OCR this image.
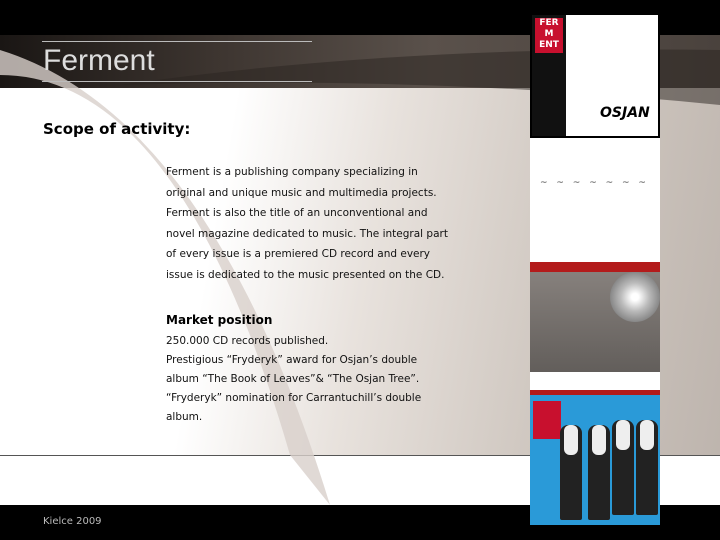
Ferment
Scope of activity:
Ferment is a publishing company specializing in
original and unique music and multimedia projects.
Ferment is also the title of an unconventional and
novel magazine dedicated to music. The integral part
of every issue is a premiered CD record and every
issue is dedicated to the music presented on the CD.
Market position
250.000 CD records published.
Prestigious “Fryderyk” award for Osjan’s double
album “The Book of Leaves”& “The Osjan Tree”.
“Fryderyk” nomination for Carrantuchill’s double
album.
Kielce 2009
FER
M
ENT
OSJAN
~ ~ ~ ~ ~ ~ ~
